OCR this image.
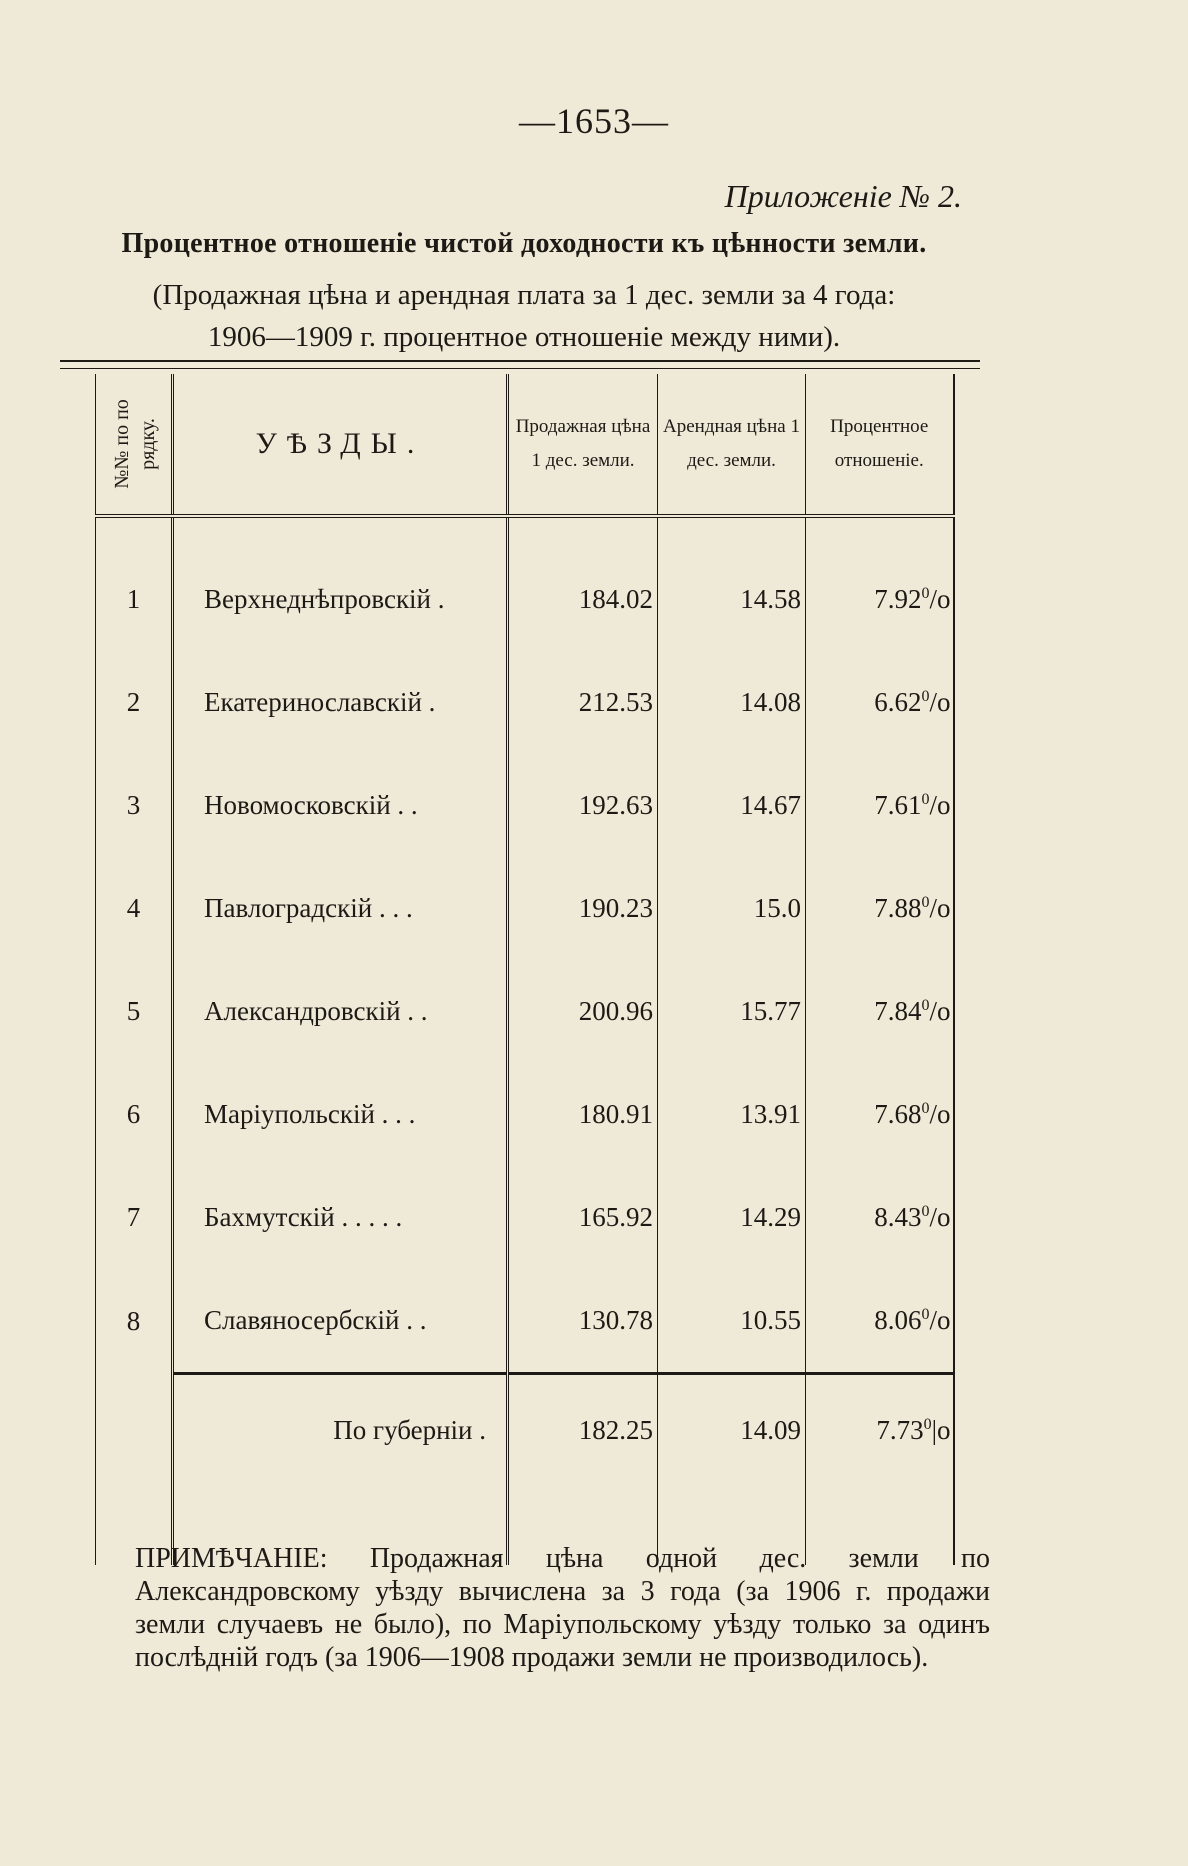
—1653—
Приложеніе № 2.
Процентное отношеніе чистой доходности къ цѣнности земли.
(Продажная цѣна и арендная плата за 1 дес. земли за 4 года:
1906—1909 г. процентное отношеніе между ними).
№№ по по рядку.	УѢЗДЫ.	Продажная цѣна 1 дес. земли.	Арендная цѣна 1 дес. земли.	Процентное отношеніе.
1	Верхнеднѣпровскій .	184.02	14.58	7.92$^0$/o
2	Екатеринославскій .	212.53	14.08	6.62$^0$/o
3	Новомосковскій . .	192.63	14.67	7.61$^0$/o
4	Павлоградскій . . .	190.23	15.0	7.88$^0$/o
5	Александровскій . .	200.96	15.77	7.84$^0$/o
6	Маріупольскій . . .	180.91	13.91	7.68$^0$/o
7	Бахмутскій . . . . .	165.92	14.29	8.43$^0$/o
8	Славяносербскій . .	130.78	10.55	8.06$^0$/o
	По губерніи .	182.25	14.09	7.73$^0$|o

ПРИМѢЧАНІЕ: Продажная цѣна одной дес. земли по Александровскому уѣзду вычислена за 3 года (за 1906 г. продажи земли случаевъ не было), по Маріупольскому уѣзду только за одинъ послѣдній годъ (за 1906—1908 продажи земли не производилось).
